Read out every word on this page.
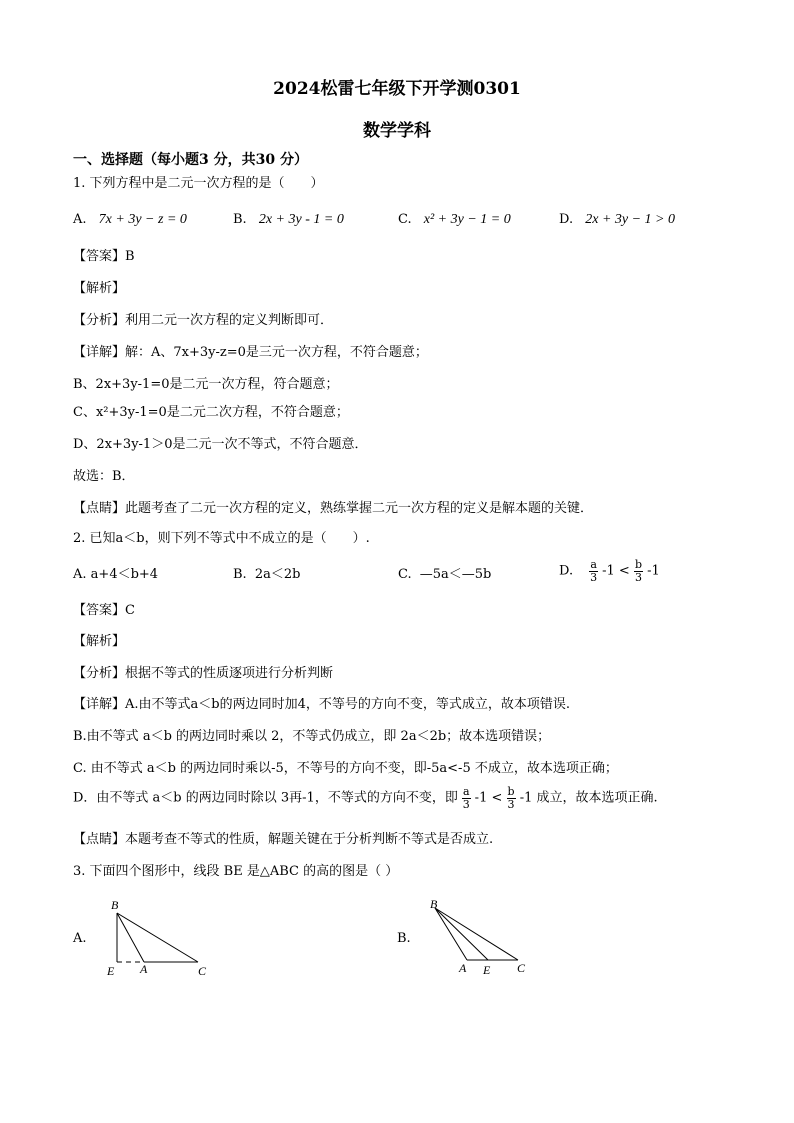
2024松雷七年级下开学测0301
数学学科
一、选择题（每小题3 分，共30 分）
1. 下列方程中是二元一次方程的是（　　）
A. 7x + 3y − z = 0	B. 2x + 3y - 1 = 0	C. x² + 3y − 1 = 0	D. 2x + 3y − 1 > 0
【答案】B
【解析】
【分析】利用二元一次方程的定义判断即可．
【详解】解：A、7x+3y-z=0是三元一次方程，不符合题意；
B、2x+3y-1=0是二元一次方程，符合题意；
C、x²+3y-1=0是二元二次方程，不符合题意；
D、2x+3y-1＞0是二元一次不等式，不符合题意．
故选：B．
【点睛】此题考查了二元一次方程的定义，熟练掌握二元一次方程的定义是解本题的关键．
2. 已知a＜b，则下列不等式中不成立的是（　　）.
A. a+4＜b+4	B. 2a＜2b	C. —5a＜—5b	D. $\frac{a}{3} -1 < \frac{b}{3} -1$
【答案】C
【解析】
【分析】根据不等式的性质逐项进行分析判断
【详解】A.由不等式a＜b的两边同时加4，不等号的方向不变，等式成立，故本项错误.
B.由不等式 a＜b 的两边同时乘以 2，不等式仍成立，即 2a＜2b；故本选项错误；
C. 由不等式 a＜b 的两边同时乘以-5，不等号的方向不变，即-5a<-5 不成立，故本选项正确；
D．由不等式 a＜b 的两边同时除以 3再-1，不等式的方向不变，即 $\frac{a}{3} -1 < \frac{b}{3} -1$ 成立，故本选项正确.
【点睛】本题考查不等式的性质，解题关键在于分析判断不等式是否成立.
3. 下面四个图形中，线段 BE 是△ABC 的高的图是（ ）
A.
B
E A	C
B.
B
A E C
